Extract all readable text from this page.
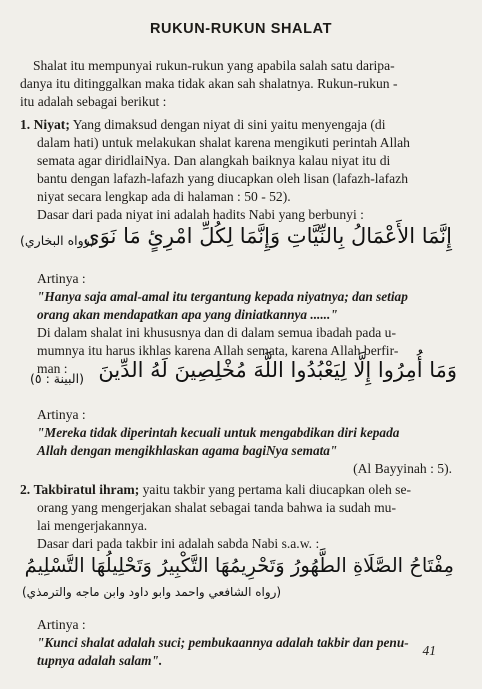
RUKUN-RUKUN SHALAT
Shalat itu mempunyai rukun-rukun yang apabila salah satu daripa-
danya itu ditinggalkan maka tidak akan sah shalatnya. Rukun-rukun -
itu adalah sebagai berikut :
1. Niyat; Yang dimaksud dengan niyat di sini yaitu menyengaja (di
dalam hati) untuk melakukan shalat karena mengikuti perintah Allah
semata agar diridlaiNya. Dan alangkah baiknya kalau niyat itu di
bantu dengan lafazh-lafazh yang diucapkan oleh lisan (lafazh-lafazh
niyat secara lengkap ada di halaman : 50 - 52).
Dasar dari pada niyat ini adalah hadits Nabi yang berbunyi :
إِنَّمَا الأَعْمَالُ بِالنِّيَّاتِ وَإِنَّمَا لِكُلِّ امْرِئٍ مَا نَوَى
(رواه البخاري)
Artinya :
"Hanya saja amal-amal itu tergantung kepada niyatnya; dan setiap
orang akan mendapatkan apa yang diniatkannya ......"
Di dalam shalat ini khususnya dan di dalam semua ibadah pada u-
mumnya itu harus ikhlas karena Allah semata, karena Allah berfir-
man : وَمَا أُمِرُوا إِلَّا لِيَعْبُدُوا اللَّهَ مُخْلِصِينَ لَهُ الدِّينَ
(البينة : ٥)
Artinya :
"Mereka tidak diperintah kecuali untuk mengabdikan diri kepada
Allah dengan mengikhlaskan agama bagiNya semata"
(Al Bayyinah : 5).
2. Takbiratul ihram; yaitu takbir yang pertama kali diucapkan oleh se-
orang yang mengerjakan shalat sebagai tanda bahwa ia sudah mu-
lai mengerjakannya.
Dasar dari pada takbir ini adalah sabda Nabi s.a.w. :
مِفْتَاحُ الصَّلَاةِ الطَّهُورُ وَتَحْرِيمُهَا التَّكْبِيرُ وَتَحْلِيلُهَا التَّسْلِيمُ
(رواه الشافعي واحمد وابو داود وابن ماجه والترمذي)
Artinya :
"Kunci shalat adalah suci; pembukaannya adalah takbir dan penu-
tupnya adalah salam".
41
